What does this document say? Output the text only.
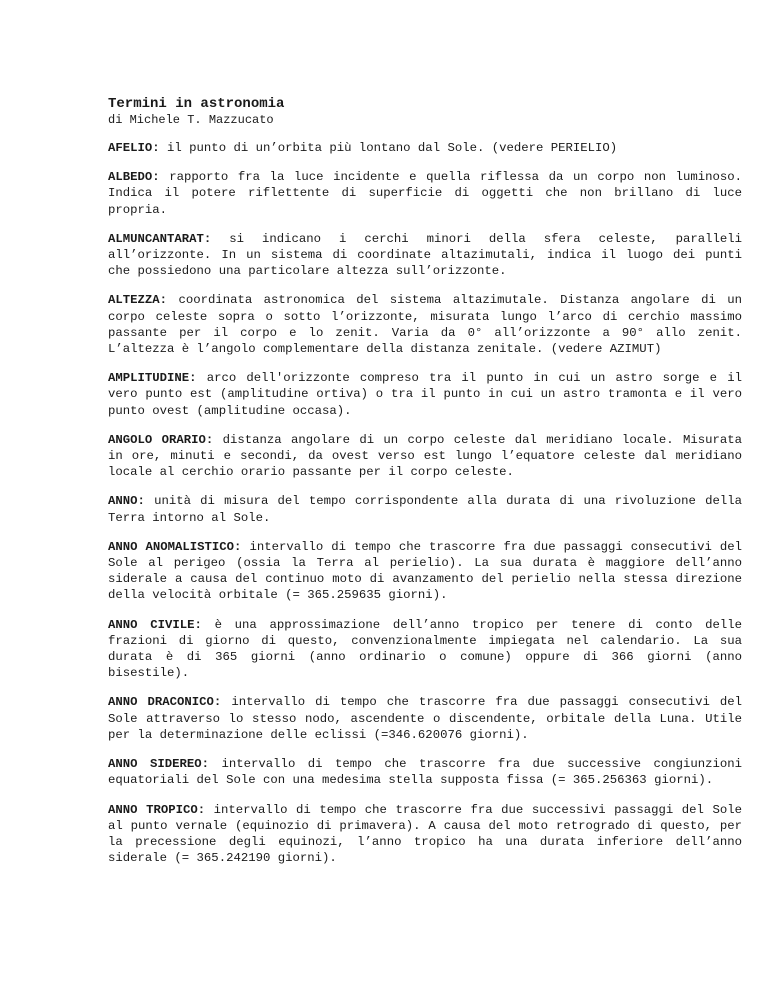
Termini in astronomia

di Michele T. Mazzucato

AFELIO: il punto di un’orbita più lontano dal Sole. (vedere PERIELIO)

ALBEDO: rapporto fra la luce incidente e quella riflessa da un corpo non luminoso. Indica il potere riflettente di superficie di oggetti che non brillano di luce propria.

ALMUNCANTARAT: si indicano i cerchi minori della sfera celeste, paralleli all’orizzonte. In un sistema di coordinate altazimutali, indica il luogo dei punti che possiedono una particolare altezza sull’orizzonte.

ALTEZZA: coordinata astronomica del sistema altazimutale. Distanza angolare di un corpo celeste sopra o sotto l’orizzonte, misurata lungo l’arco di cerchio massimo passante per il corpo e lo zenit. Varia da 0° all’orizzonte a 90° allo zenit. L’altezza è l’angolo complementare della distanza zenitale. (vedere AZIMUT)

AMPLITUDINE: arco dell'orizzonte compreso tra il punto in cui un astro sorge e il vero punto est (amplitudine ortiva) o tra il punto in cui un astro tramonta e il vero punto ovest (amplitudine occasa).

ANGOLO ORARIO: distanza angolare di un corpo celeste dal meridiano locale. Misurata in ore, minuti e secondi, da ovest verso est lungo l’equatore celeste dal meridiano locale al cerchio orario passante per il corpo celeste.

ANNO: unità di misura del tempo corrispondente alla durata di una rivoluzione della Terra intorno al Sole.

ANNO ANOMALISTICO: intervallo di tempo che trascorre fra due passaggi consecutivi del Sole al perigeo (ossia la Terra al perielio). La sua durata è maggiore dell’anno siderale a causa del continuo moto di avanzamento del perielio nella stessa direzione della velocità orbitale (= 365.259635 giorni).

ANNO CIVILE: è una approssimazione dell’anno tropico per tenere di conto delle frazioni di giorno di questo, convenzionalmente impiegata nel calendario. La sua durata è di 365 giorni (anno ordinario o comune) oppure di 366 giorni (anno bisestile).

ANNO DRACONICO: intervallo di tempo che trascorre fra due passaggi consecutivi del Sole attraverso lo stesso nodo, ascendente o discendente, orbitale della Luna. Utile per la determinazione delle eclissi (=346.620076 giorni).

ANNO SIDEREO: intervallo di tempo che trascorre fra due successive congiunzioni equatoriali del Sole con una medesima stella supposta fissa (= 365.256363 giorni).

ANNO TROPICO: intervallo di tempo che trascorre fra due successivi passaggi del Sole al punto vernale (equinozio di primavera). A causa del moto retrogrado di questo, per la precessione degli equinozi, l’anno tropico ha una durata inferiore dell’anno siderale (= 365.242190 giorni).
